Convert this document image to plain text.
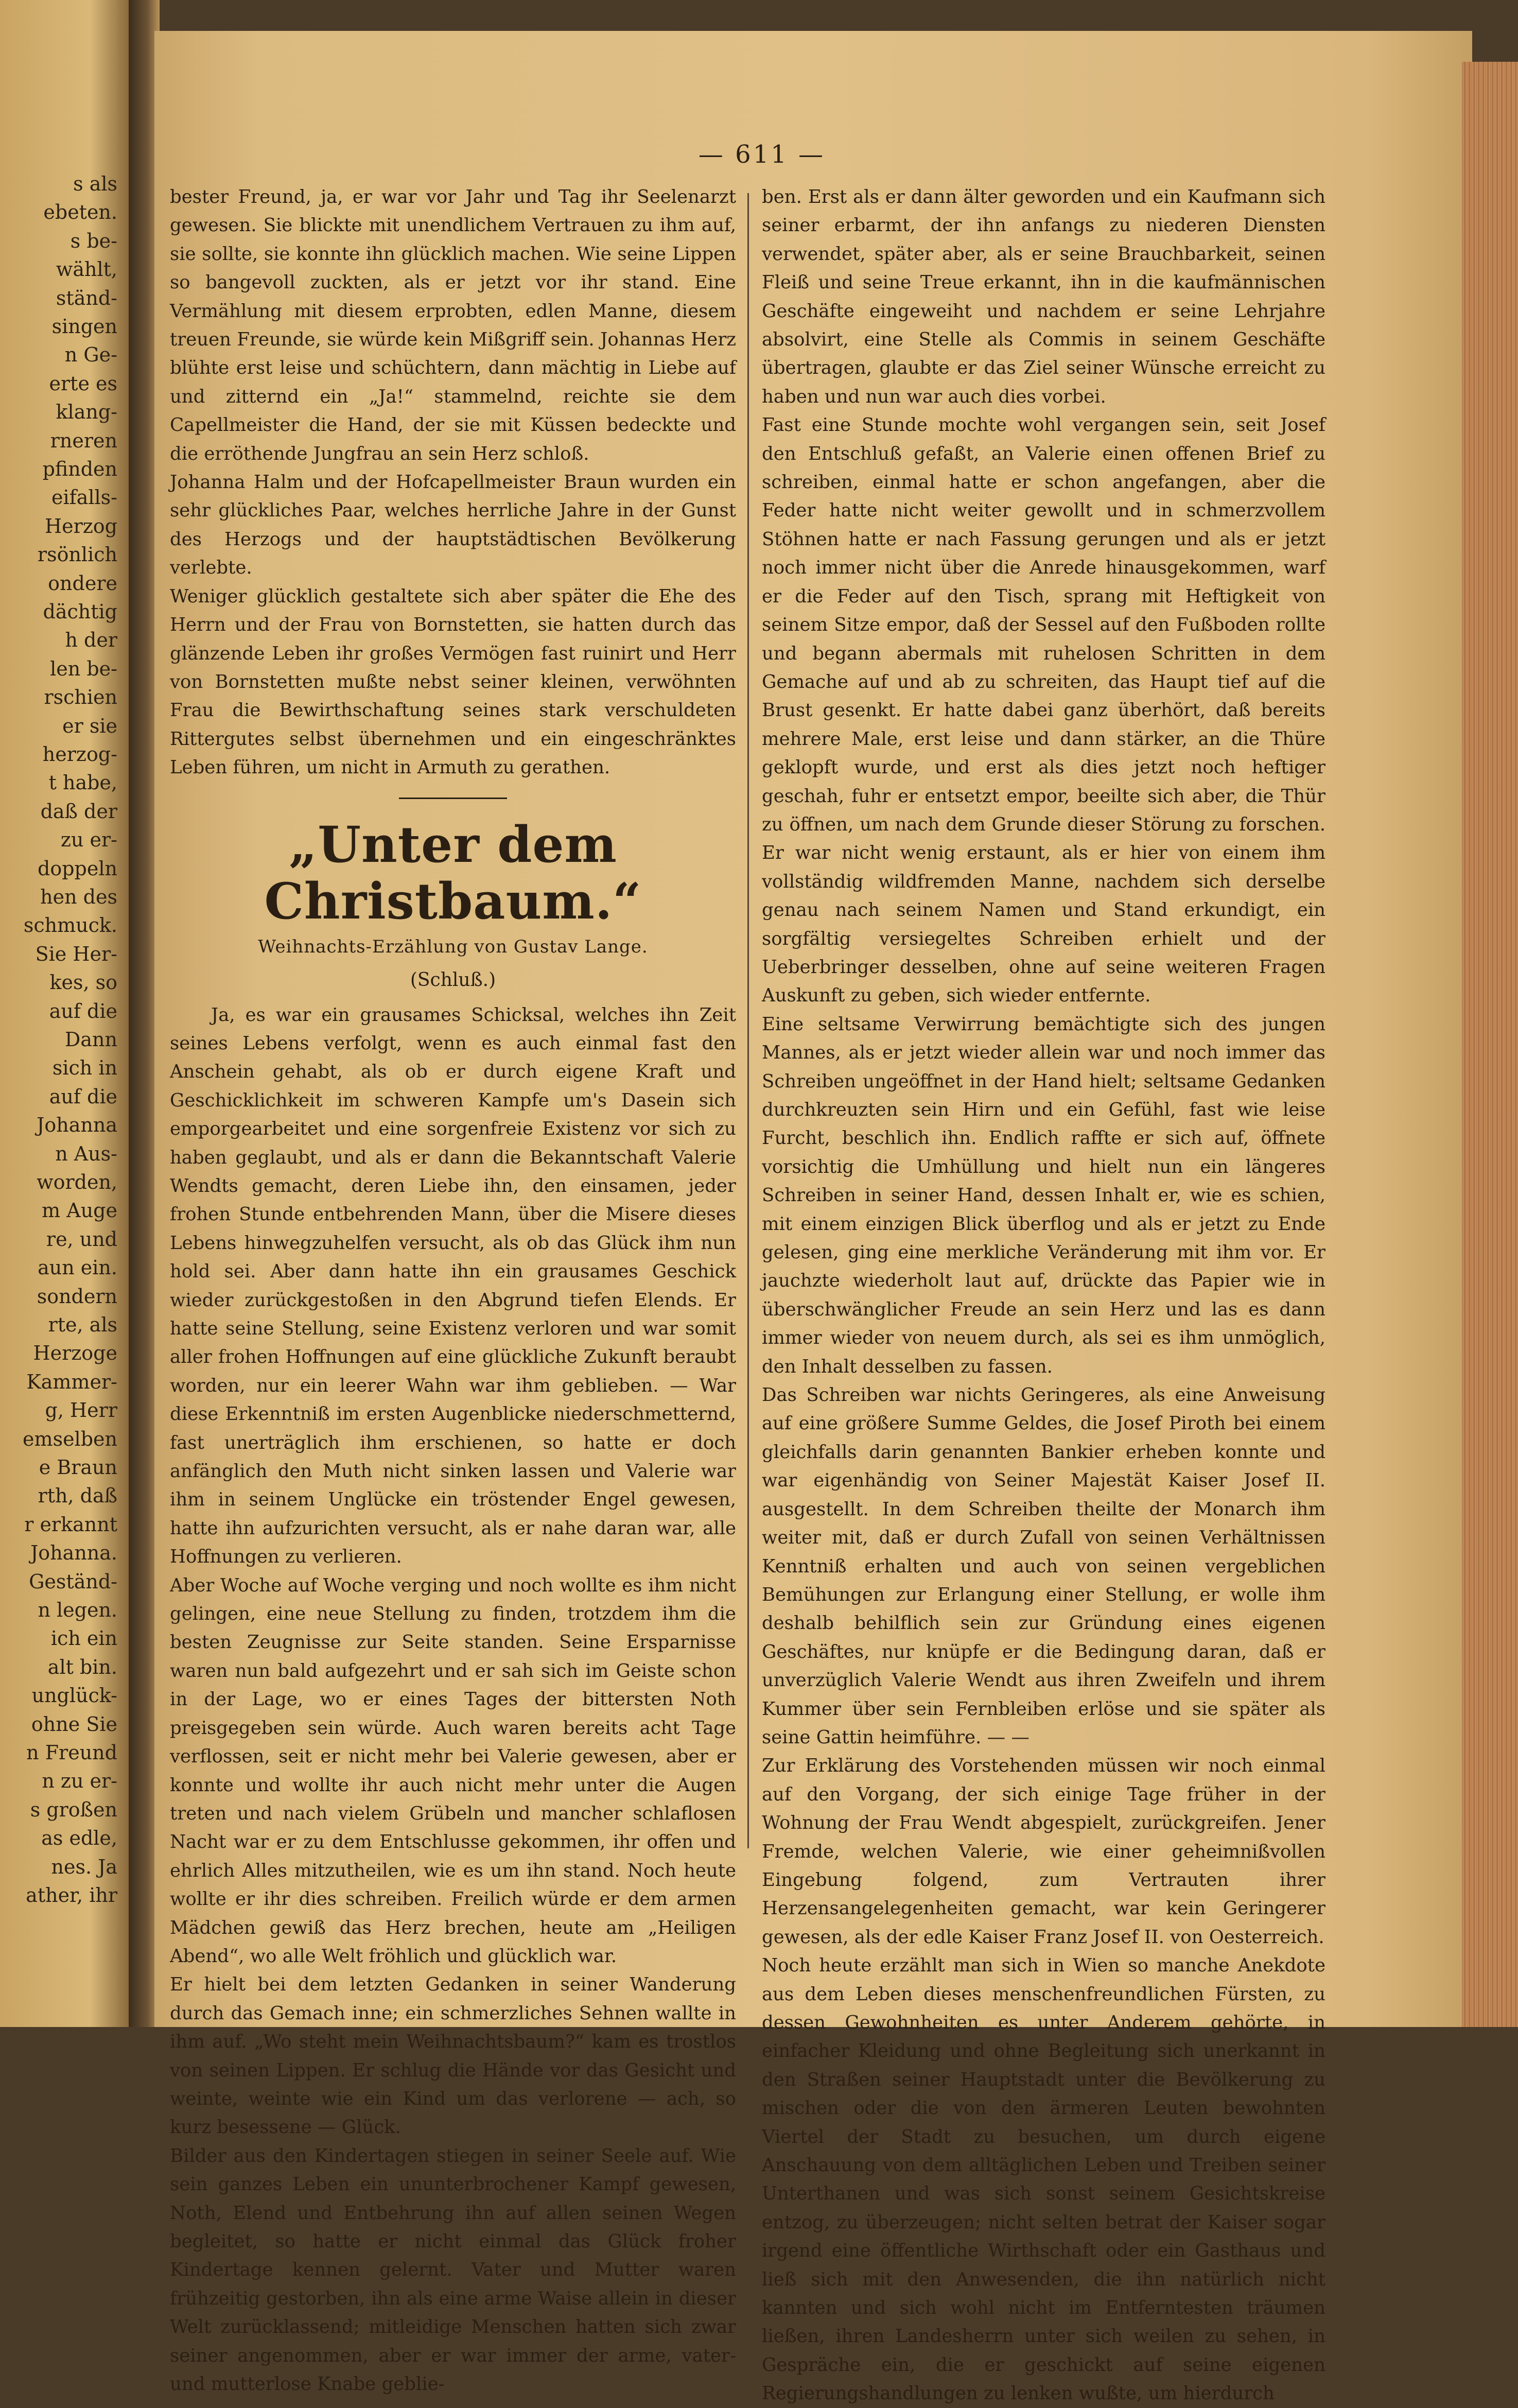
s als
ebeten.
s be-
wählt,
ständ-
singen
n Ge-
erte es
klang-
rneren
pfinden
eifalls-
Herzog
rsönlich
ondere
dächtig
h der
len be-
rschien
er sie
herzog-
t habe,
daß der
zu er-
doppeln
hen des
schmuck.
Sie Her-
kes, so
auf die
Dann
sich in
auf die
Johanna
n Aus-
worden,
m Auge
re, und
aun ein.
sondern
rte, als
Herzoge
Kammer-
g, Herr
emselben
e Braun
rth, daß
r erkannt
Johanna.
Geständ-
n legen.
ich ein
alt bin.
unglück-
ohne Sie
n Freund
n zu er-
s großen
as edle,
nes. Ja
ather, ihr
— 611 —

bester Freund, ja, er war vor Jahr und Tag ihr Seelenarzt gewesen. Sie blickte mit unendlichem Vertrauen zu ihm auf, sie sollte, sie konnte ihn glücklich machen. Wie seine Lippen so bangevoll zuckten, als er jetzt vor ihr stand. Eine Vermählung mit diesem erprobten, edlen Manne, diesem treuen Freunde, sie würde kein Mißgriff sein. Johannas Herz blühte erst leise und schüchtern, dann mächtig in Liebe auf und zitternd ein „Ja!“ stammelnd, reichte sie dem Capellmeister die Hand, der sie mit Küssen bedeckte und die erröthende Jungfrau an sein Herz schloß.

Johanna Halm und der Hofcapellmeister Braun wurden ein sehr glückliches Paar, welches herrliche Jahre in der Gunst des Herzogs und der hauptstädtischen Bevölkerung verlebte.

Weniger glücklich gestaltete sich aber später die Ehe des Herrn und der Frau von Bornstetten, sie hatten durch das glänzende Leben ihr großes Vermögen fast ruinirt und Herr von Bornstetten mußte nebst seiner kleinen, verwöhnten Frau die Bewirthschaftung seines stark verschuldeten Rittergutes selbst übernehmen und ein eingeschränktes Leben führen, um nicht in Armuth zu gerathen.

„Unter dem Christbaum.“
Weihnachts-Erzählung von Gustav Lange.
(Schluß.)

Ja, es war ein grausames Schicksal, welches ihn Zeit seines Lebens verfolgt, wenn es auch einmal fast den Anschein gehabt, als ob er durch eigene Kraft und Geschicklichkeit im schweren Kampfe um's Dasein sich emporgearbeitet und eine sorgenfreie Existenz vor sich zu haben geglaubt, und als er dann die Bekanntschaft Valerie Wendts gemacht, deren Liebe ihn, den einsamen, jeder frohen Stunde entbehrenden Mann, über die Misere dieses Lebens hinwegzuhelfen versucht, als ob das Glück ihm nun hold sei. Aber dann hatte ihn ein grausames Geschick wieder zurückgestoßen in den Abgrund tiefen Elends. Er hatte seine Stellung, seine Existenz verloren und war somit aller frohen Hoffnungen auf eine glückliche Zukunft beraubt worden, nur ein leerer Wahn war ihm geblieben. — War diese Erkenntniß im ersten Augenblicke niederschmetternd, fast unerträglich ihm erschienen, so hatte er doch anfänglich den Muth nicht sinken lassen und Valerie war ihm in seinem Unglücke ein tröstender Engel gewesen, hatte ihn aufzurichten versucht, als er nahe daran war, alle Hoffnungen zu verlieren.

Aber Woche auf Woche verging und noch wollte es ihm nicht gelingen, eine neue Stellung zu finden, trotzdem ihm die besten Zeugnisse zur Seite standen. Seine Ersparnisse waren nun bald aufgezehrt und er sah sich im Geiste schon in der Lage, wo er eines Tages der bittersten Noth preisgegeben sein würde. Auch waren bereits acht Tage verflossen, seit er nicht mehr bei Valerie gewesen, aber er konnte und wollte ihr auch nicht mehr unter die Augen treten und nach vielem Grübeln und mancher schlaflosen Nacht war er zu dem Entschlusse gekommen, ihr offen und ehrlich Alles mitzutheilen, wie es um ihn stand. Noch heute wollte er ihr dies schreiben. Freilich würde er dem armen Mädchen gewiß das Herz brechen, heute am „Heiligen Abend“, wo alle Welt fröhlich und glücklich war.

Er hielt bei dem letzten Gedanken in seiner Wanderung durch das Gemach inne; ein schmerzliches Sehnen wallte in ihm auf. „Wo steht mein Weihnachtsbaum?“ kam es trostlos von seinen Lippen. Er schlug die Hände vor das Gesicht und weinte, weinte wie ein Kind um das verlorene — ach, so kurz besessene — Glück.

Bilder aus den Kindertagen stiegen in seiner Seele auf. Wie sein ganzes Leben ein ununterbrochener Kampf gewesen, Noth, Elend und Entbehrung ihn auf allen seinen Wegen begleitet, so hatte er nicht einmal das Glück froher Kindertage kennen gelernt. Vater und Mutter waren frühzeitig gestorben, ihn als eine arme Waise allein in dieser Welt zurücklassend; mitleidige Menschen hatten sich zwar seiner angenommen, aber er war immer der arme, vater- und mutterlose Knabe geblie-

ben. Erst als er dann älter geworden und ein Kaufmann sich seiner erbarmt, der ihn anfangs zu niederen Diensten verwendet, später aber, als er seine Brauchbarkeit, seinen Fleiß und seine Treue erkannt, ihn in die kaufmännischen Geschäfte eingeweiht und nachdem er seine Lehrjahre absolvirt, eine Stelle als Commis in seinem Geschäfte übertragen, glaubte er das Ziel seiner Wünsche erreicht zu haben und nun war auch dies vorbei.

Fast eine Stunde mochte wohl vergangen sein, seit Josef den Entschluß gefaßt, an Valerie einen offenen Brief zu schreiben, einmal hatte er schon angefangen, aber die Feder hatte nicht weiter gewollt und in schmerzvollem Stöhnen hatte er nach Fassung gerungen und als er jetzt noch immer nicht über die Anrede hinausgekommen, warf er die Feder auf den Tisch, sprang mit Heftigkeit von seinem Sitze empor, daß der Sessel auf den Fußboden rollte und begann abermals mit ruhelosen Schritten in dem Gemache auf und ab zu schreiten, das Haupt tief auf die Brust gesenkt. Er hatte dabei ganz überhört, daß bereits mehrere Male, erst leise und dann stärker, an die Thüre geklopft wurde, und erst als dies jetzt noch heftiger geschah, fuhr er entsetzt empor, beeilte sich aber, die Thür zu öffnen, um nach dem Grunde dieser Störung zu forschen. Er war nicht wenig erstaunt, als er hier von einem ihm vollständig wildfremden Manne, nachdem sich derselbe genau nach seinem Namen und Stand erkundigt, ein sorgfältig versiegeltes Schreiben erhielt und der Ueberbringer desselben, ohne auf seine weiteren Fragen Auskunft zu geben, sich wieder entfernte.

Eine seltsame Verwirrung bemächtigte sich des jungen Mannes, als er jetzt wieder allein war und noch immer das Schreiben ungeöffnet in der Hand hielt; seltsame Gedanken durchkreuzten sein Hirn und ein Gefühl, fast wie leise Furcht, beschlich ihn. Endlich raffte er sich auf, öffnete vorsichtig die Umhüllung und hielt nun ein längeres Schreiben in seiner Hand, dessen Inhalt er, wie es schien, mit einem einzigen Blick überflog und als er jetzt zu Ende gelesen, ging eine merkliche Veränderung mit ihm vor. Er jauchzte wiederholt laut auf, drückte das Papier wie in überschwänglicher Freude an sein Herz und las es dann immer wieder von neuem durch, als sei es ihm unmöglich, den Inhalt desselben zu fassen.

Das Schreiben war nichts Geringeres, als eine Anweisung auf eine größere Summe Geldes, die Josef Piroth bei einem gleichfalls darin genannten Bankier erheben konnte und war eigenhändig von Seiner Majestät Kaiser Josef II. ausgestellt. In dem Schreiben theilte der Monarch ihm weiter mit, daß er durch Zufall von seinen Verhältnissen Kenntniß erhalten und auch von seinen vergeblichen Bemühungen zur Erlangung einer Stellung, er wolle ihm deshalb behilflich sein zur Gründung eines eigenen Geschäftes, nur knüpfe er die Bedingung daran, daß er unverzüglich Valerie Wendt aus ihren Zweifeln und ihrem Kummer über sein Fernbleiben erlöse und sie später als seine Gattin heimführe. — —

Zur Erklärung des Vorstehenden müssen wir noch einmal auf den Vorgang, der sich einige Tage früher in der Wohnung der Frau Wendt abgespielt, zurückgreifen. Jener Fremde, welchen Valerie, wie einer geheimnißvollen Eingebung folgend, zum Vertrauten ihrer Herzensangelegenheiten gemacht, war kein Geringerer gewesen, als der edle Kaiser Franz Josef II. von Oesterreich.

Noch heute erzählt man sich in Wien so manche Anekdote aus dem Leben dieses menschenfreundlichen Fürsten, zu dessen Gewohnheiten es unter Anderem gehörte, in einfacher Kleidung und ohne Begleitung sich unerkannt in den Straßen seiner Hauptstadt unter die Bevölkerung zu mischen oder die von den ärmeren Leuten bewohnten Viertel der Stadt zu besuchen, um durch eigene Anschauung von dem alltäglichen Leben und Treiben seiner Unterthanen und was sich sonst seinem Gesichtskreise entzog, zu überzeugen; nicht selten betrat der Kaiser sogar irgend eine öffentliche Wirthschaft oder ein Gasthaus und ließ sich mit den Anwesenden, die ihn natürlich nicht kannten und sich wohl nicht im Entferntesten träumen ließen, ihren Landesherrn unter sich weilen zu sehen, in Gespräche ein, die er geschickt auf seine eigenen Regierungshandlungen zu lenken wußte, um hierdurch
